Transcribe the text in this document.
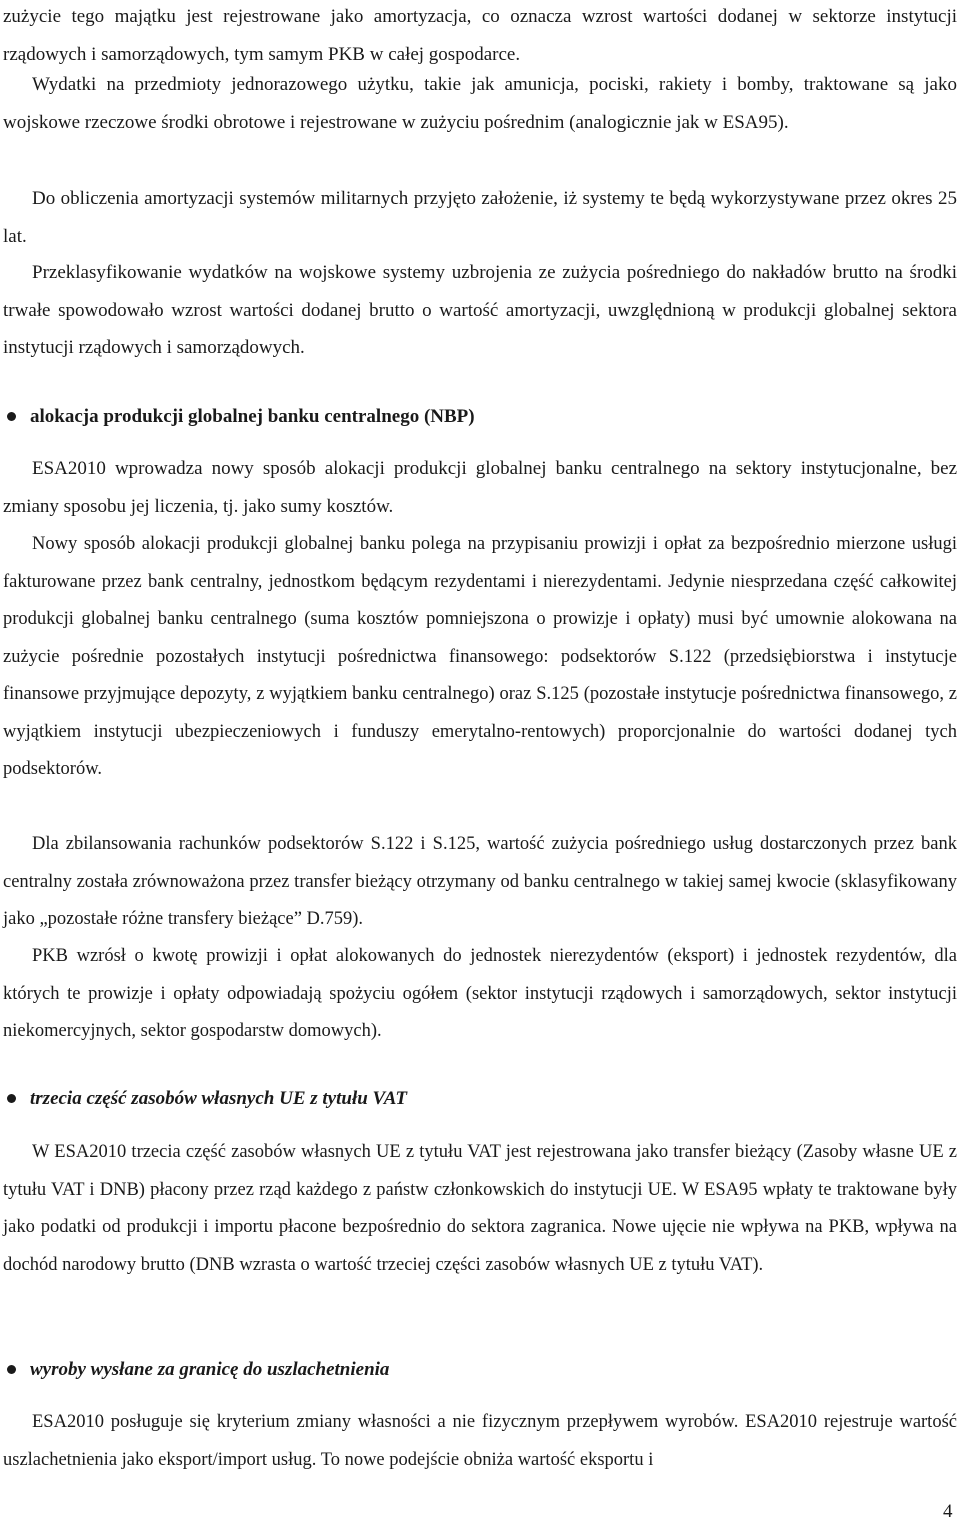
zużycie tego majątku jest rejestrowane jako amortyzacja, co oznacza wzrost wartości dodanej w sektorze instytucji rządowych i samorządowych, tym samym PKB w całej gospodarce.

Wydatki na przedmioty jednorazowego użytku, takie jak amunicja, pociski, rakiety i bomby, traktowane są jako wojskowe rzeczowe środki obrotowe i rejestrowane w zużyciu pośrednim (analogicznie jak w ESA95).

Do obliczenia amortyzacji systemów militarnych przyjęto założenie, iż systemy te będą wykorzystywane przez okres 25 lat.

Przeklasyfikowanie wydatków na wojskowe systemy uzbrojenia ze zużycia pośredniego do nakładów brutto na środki trwałe spowodowało wzrost wartości dodanej brutto o wartość amortyzacji, uwzględnioną w produkcji globalnej sektora instytucji rządowych i samorządowych.

alokacja produkcji globalnej banku centralnego (NBP)

ESA2010 wprowadza nowy sposób alokacji produkcji globalnej banku centralnego na sektory instytucjonalne, bez zmiany sposobu jej liczenia, tj. jako sumy kosztów.

Nowy sposób alokacji produkcji globalnej banku polega na przypisaniu prowizji i opłat za bezpośrednio mierzone usługi fakturowane przez bank centralny, jednostkom będącym rezydentami i nierezydentami. Jedynie niesprzedana część całkowitej produkcji globalnej banku centralnego (suma kosztów pomniejszona o prowizje i opłaty) musi być umownie alokowana na zużycie pośrednie pozostałych instytucji pośrednictwa finansowego: podsektorów S.122 (przedsiębiorstwa i instytucje finansowe przyjmujące depozyty, z wyjątkiem banku centralnego) oraz S.125 (pozostałe instytucje pośrednictwa finansowego, z wyjątkiem instytucji ubezpieczeniowych i funduszy emerytalno-rentowych) proporcjonalnie do wartości dodanej tych podsektorów.

Dla zbilansowania rachunków podsektorów S.122 i S.125, wartość zużycia pośredniego usług dostarczonych przez bank centralny została zrównoważona przez transfer bieżący otrzymany od banku centralnego w takiej samej kwocie (sklasyfikowany jako „pozostałe różne transfery bieżące” D.759).

PKB wzrósł o kwotę prowizji i opłat alokowanych do jednostek nierezydentów (eksport) i jednostek rezydentów, dla których te prowizje i opłaty odpowiadają spożyciu ogółem (sektor instytucji rządowych i samorządowych, sektor instytucji niekomercyjnych, sektor gospodarstw domowych).

trzecia część zasobów własnych UE z tytułu VAT

W ESA2010 trzecia część zasobów własnych UE z tytułu VAT jest rejestrowana jako transfer bieżący (Zasoby własne UE z tytułu VAT i DNB) płacony przez rząd każdego z państw członkowskich do instytucji UE. W ESA95 wpłaty te traktowane były jako podatki od produkcji i importu płacone bezpośrednio do sektora zagranica. Nowe ujęcie nie wpływa na PKB, wpływa na dochód narodowy brutto (DNB wzrasta o wartość trzeciej części zasobów własnych UE z tytułu VAT).

wyroby wysłane za granicę do uszlachetnienia

ESA2010 posługuje się kryterium zmiany własności a nie fizycznym przepływem wyrobów. ESA2010 rejestruje wartość uszlachetnienia jako eksport/import usług. To nowe podejście obniża wartość eksportu i

4
